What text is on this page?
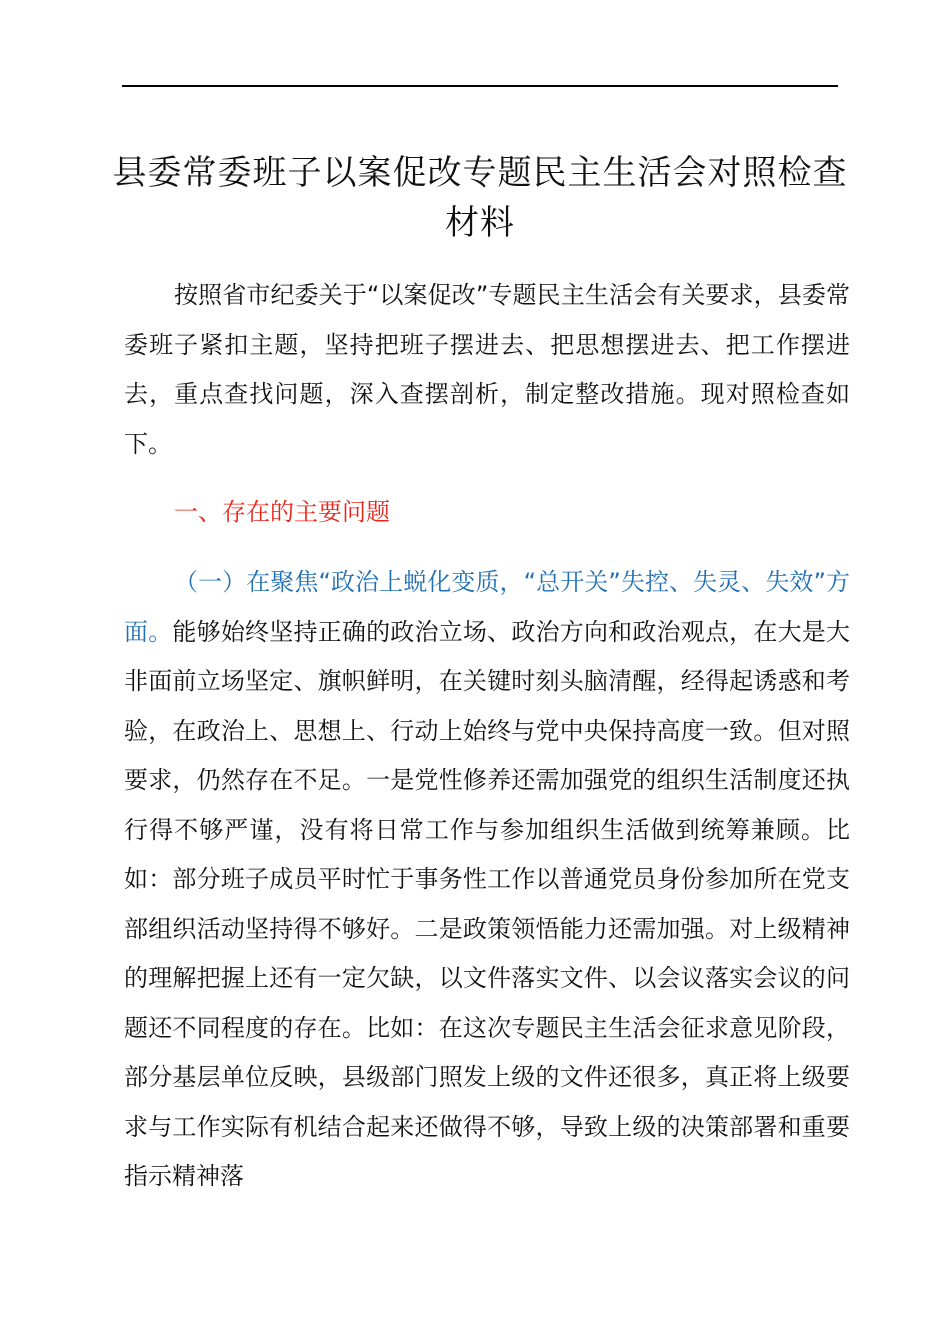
县委常委班子以案促改专题民主生活会对照检查材料

按照省市纪委关于“以案促改”专题民主生活会有关要求，县委常委班子紧扣主题，坚持把班子摆进去、把思想摆进去、把工作摆进去，重点查找问题，深入查摆剖析，制定整改措施。现对照检查如下。

一、存在的主要问题

（一）在聚焦“政治上蜕化变质，“总开关”失控、失灵、失效”方面。能够始终坚持正确的政治立场、政治方向和政治观点，在大是大非面前立场坚定、旗帜鲜明，在关键时刻头脑清醒，经得起诱惑和考验，在政治上、思想上、行动上始终与党中央保持高度一致。但对照要求，仍然存在不足。一是党性修养还需加强党的组织生活制度还执行得不够严谨，没有将日常工作与参加组织生活做到统筹兼顾。比如：部分班子成员平时忙于事务性工作以普通党员身份参加所在党支部组织活动坚持得不够好。二是政策领悟能力还需加强。对上级精神的理解把握上还有一定欠缺，以文件落实文件、以会议落实会议的问题还不同程度的存在。比如：在这次专题民主生活会征求意见阶段，部分基层单位反映，县级部门照发上级的文件还很多，真正将上级要求与工作实际有机结合起来还做得不够，导致上级的决策部署和重要指示精神落
